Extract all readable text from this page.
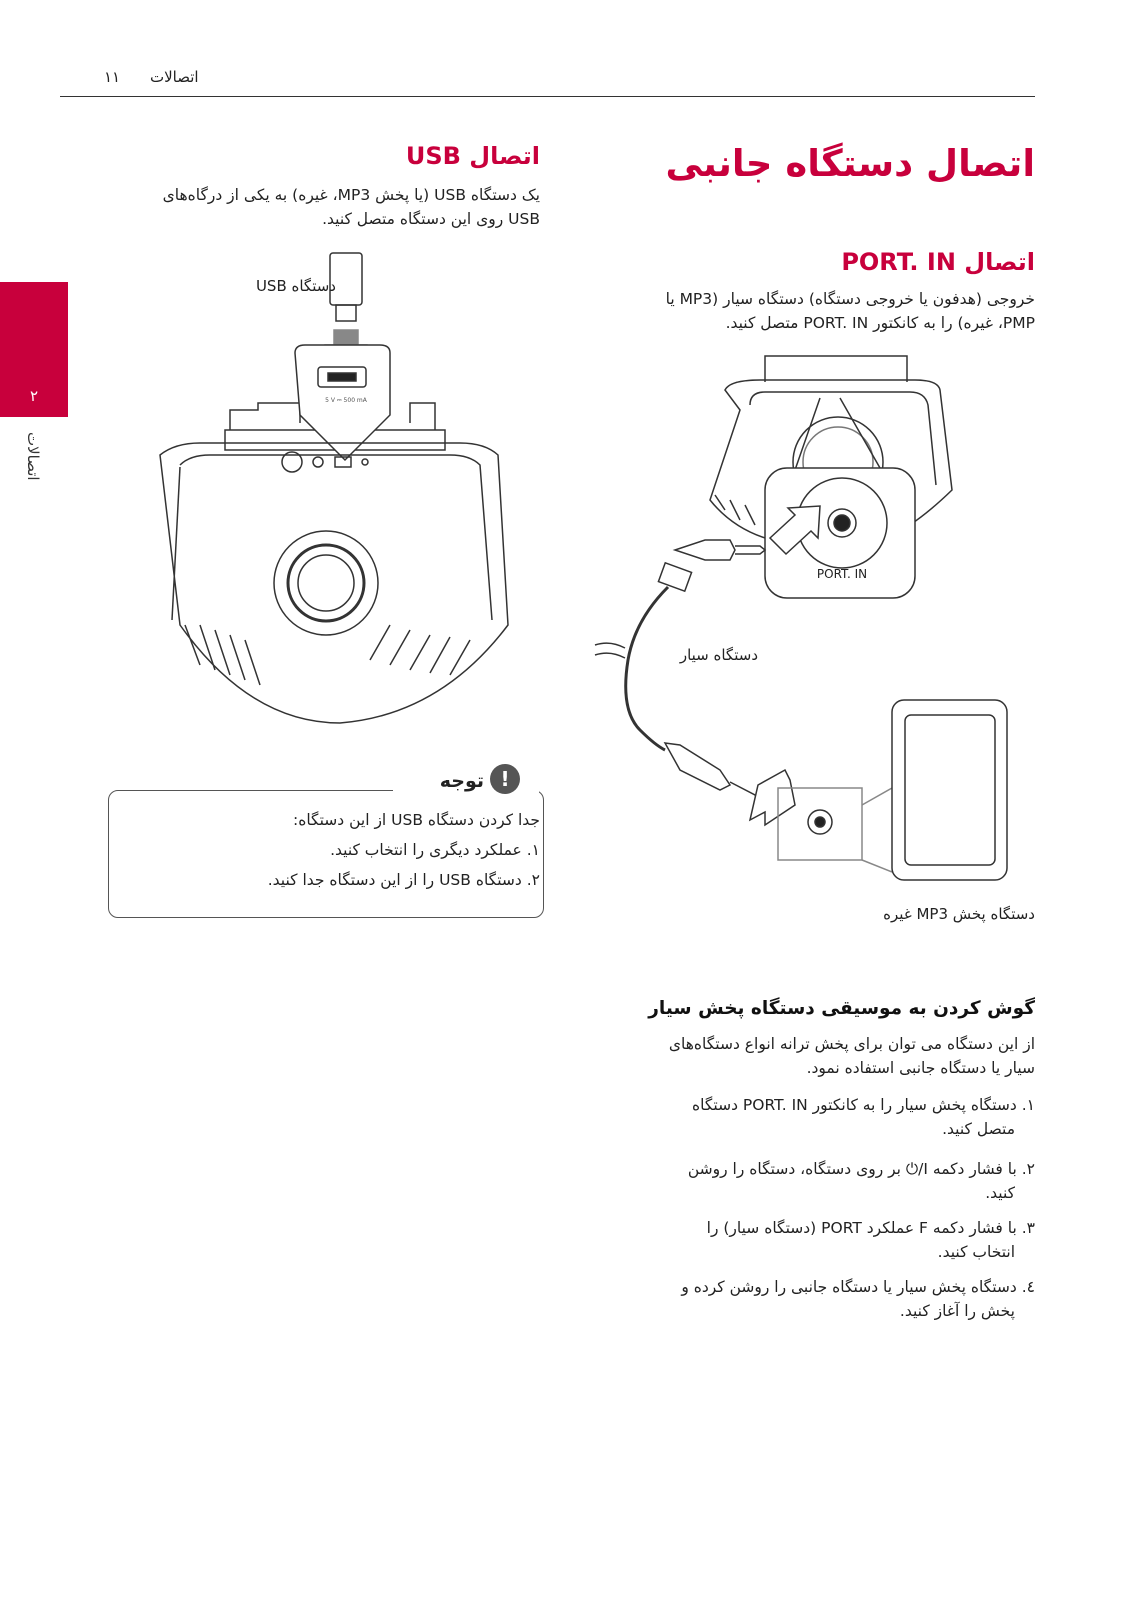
اتصالات
۱۱
۲
اتصالات
اتصال دستگاه جانبی
اتصال PORT. IN
خروجی (هدفون یا خروجی دستگاه) دستگاه سیار (MP3 یا
PMP، غیره) را به کانکتور PORT. IN متصل کنید.
PORT. IN
دستگاه سیار
دستگاه پخش MP3 غیره
اتصال USB
یک دستگاه USB (یا پخش MP3، غیره) به یکی از درگاه‌های
USB روی این دستگاه متصل کنید.
5 V ⎓ 500 mA
دستگاه USB
!
توجه
جدا کردن دستگاه USB از این دستگاه:
۱. عملکرد دیگری را انتخاب کنید.
۲. دستگاه USB را از این دستگاه جدا کنید.
گوش کردن به موسیقی دستگاه پخش سیار
از این دستگاه می توان برای پخش ترانه انواع دستگاه‌های
سیار یا دستگاه جانبی استفاده نمود.
۱. دستگاه پخش سیار را به کانکتور PORT. IN دستگاه
متصل کنید.
۲. با فشار دکمه I/⏻ بر روی دستگاه، دستگاه را روشن
کنید.
۳. با فشار دکمه F عملکرد PORT (دستگاه سیار) را
انتخاب کنید.
٤. دستگاه پخش سیار یا دستگاه جانبی را روشن کرده و
پخش را آغاز کنید.
